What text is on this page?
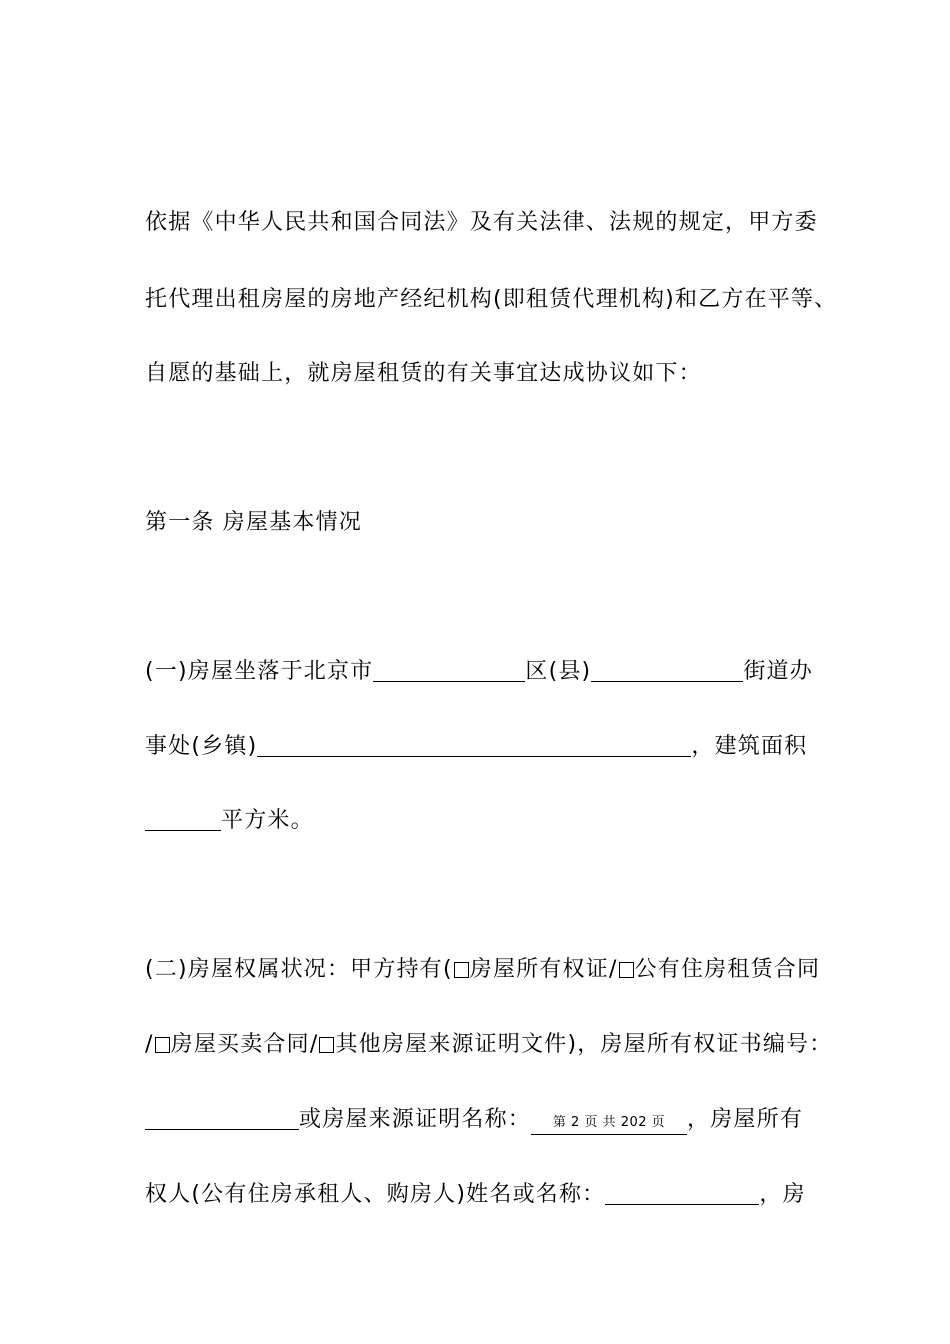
依据《中华人民共和国合同法》及有关法律、法规的规定，甲方委
托代理出租房屋的房地产经纪机构(即租赁代理机构)和乙方在平等、
自愿的基础上，就房屋租赁的有关事宜达成协议如下：
第一条 房屋基本情况
(一)房屋坐落于北京市	区(县)	街道办
事处(乡镇)	，建筑面积
平方米。
(二)房屋权属状况：甲方持有( 房屋所有权证/ 公有住房租赁合同
/ 房屋买卖合同/ 其他房屋来源证明文件)，房屋所有权证书编号：
或房屋来源证明名称： 第 2 页 共 202 页 ，房屋所有
权人(公有住房承租人、购房人)姓名或名称：	，房
